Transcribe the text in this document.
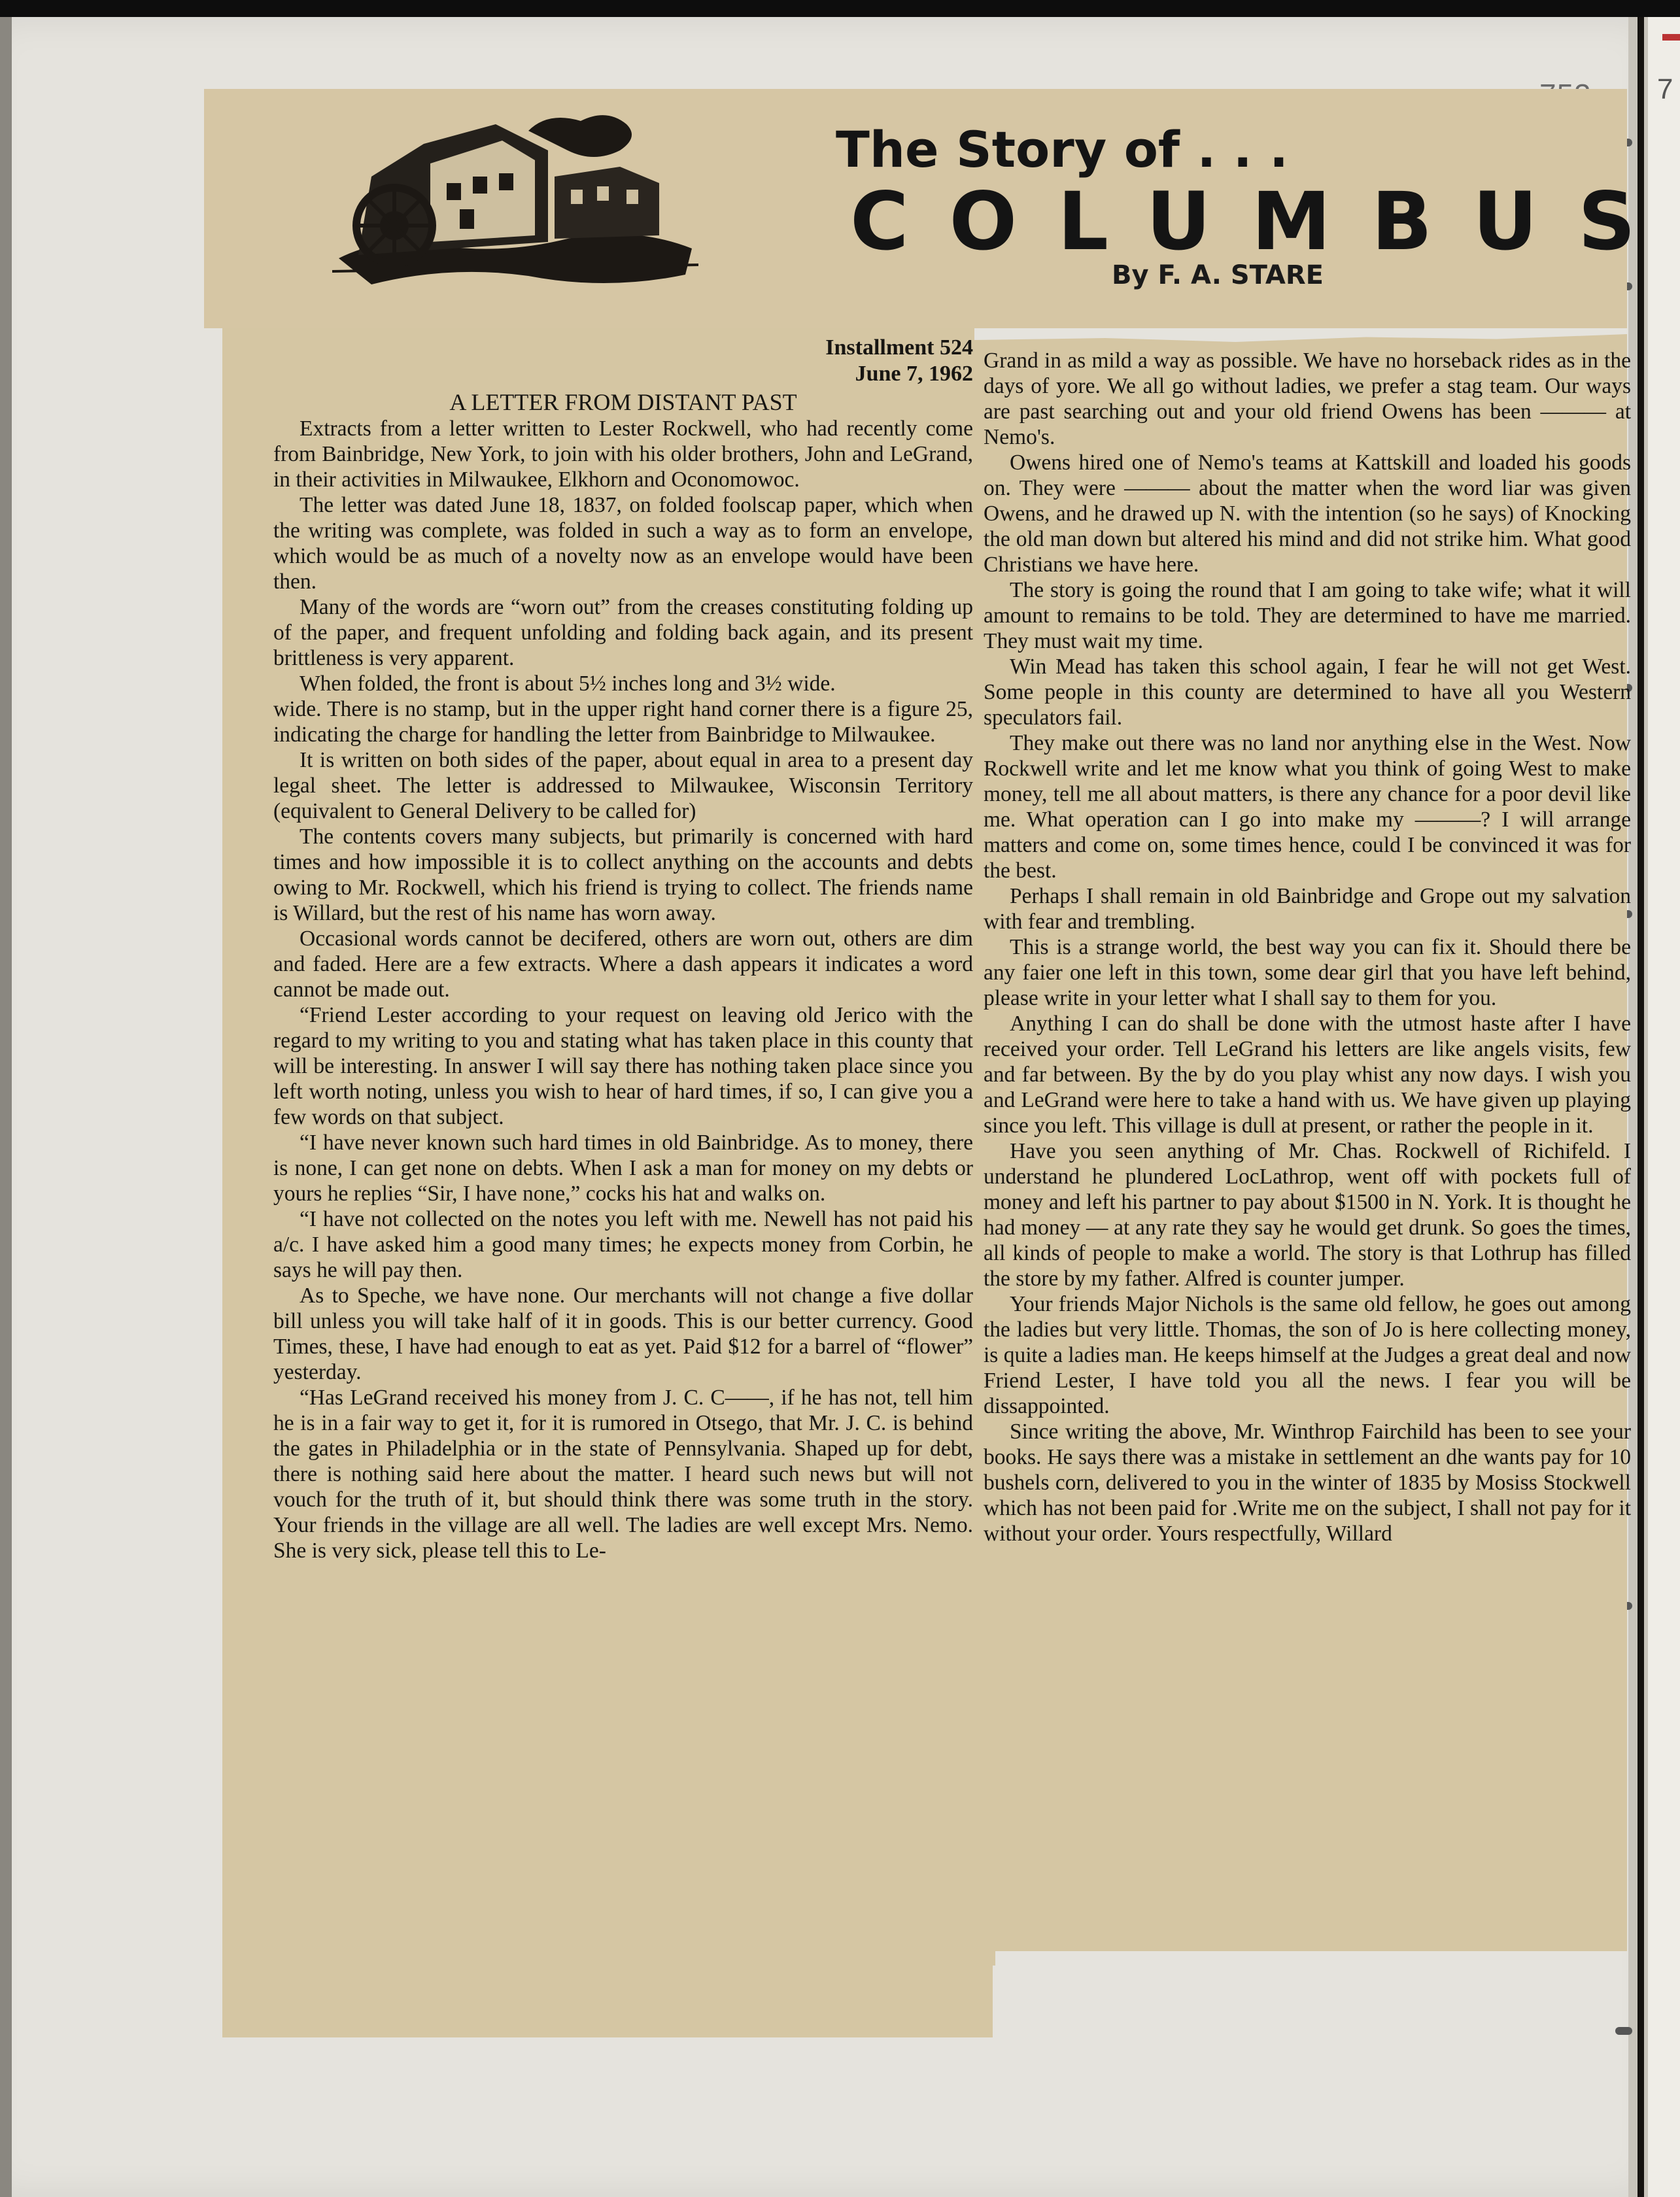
7
The Story of . . .
COLUMBUS
By F. A. STARE
Installment 524
June 7, 1962
A LETTER FROM DISTANT PAST

Extracts from a letter written to Lester Rockwell, who had recently come from Bainbridge, New York, to join with his older brothers, John and LeGrand, in their activities in Milwaukee, Elkhorn and Oconomowoc.

The letter was dated June 18, 1837, on folded foolscap paper, which when the writing was complete, was folded in such a way as to form an envelope, which would be as much of a novelty now as an envelope would have been then.

Many of the words are “worn out” from the creases constituting folding up of the paper, and frequent unfolding and folding back again, and its present brittleness is very apparent.

When folded, the front is about 5½ inches long and 3½ wide.

wide. There is no stamp, but in the upper right hand corner there is a figure 25, indicating the charge for handling the letter from Bainbridge to Milwaukee.

It is written on both sides of the paper, about equal in area to a present day legal sheet. The letter is addressed to Milwaukee, Wisconsin Territory (equivalent to General Delivery to be called for)

The contents covers many subjects, but primarily is concerned with hard times and how impossible it is to collect anything on the accounts and debts owing to Mr. Rockwell, which his friend is trying to collect. The friends name is Willard, but the rest of his name has worn away.

Occasional words cannot be decifered, others are worn out, others are dim and faded. Here are a few extracts. Where a dash appears it indicates a word cannot be made out.

“Friend Lester according to your request on leaving old Jerico with the regard to my writing to you and stating what has taken place in this county that will be interesting. In answer I will say there has nothing taken place since you left worth noting, unless you wish to hear of hard times, if so, I can give you a few words on that subject.

“I have never known such hard times in old Bainbridge. As to money, there is none, I can get none on debts. When I ask a man for money on my debts or yours he replies “Sir, I have none,” cocks his hat and walks on.

“I have not collected on the notes you left with me. Newell has not paid his a/c. I have asked him a good many times; he expects money from Corbin, he says he will pay then.

As to Speche, we have none. Our merchants will not change a five dollar bill unless you will take half of it in goods. This is our better currency. Good Times, these, I have had enough to eat as yet. Paid $12 for a barrel of “flower” yesterday.

“Has LeGrand received his money from J. C. C——, if he has not, tell him he is in a fair way to get it, for it is rumored in Otsego, that Mr. J. C. is behind the gates in Philadelphia or in the state of Pennsylvania. Shaped up for debt, there is nothing said here about the matter. I heard such news but will not vouch for the truth of it, but should think there was some truth in the story. Your friends in the village are all well. The ladies are well except Mrs. Nemo. She is very sick, please tell this to Le-

Grand in as mild a way as possible. We have no horseback rides as in the days of yore. We all go without ladies, we prefer a stag team. Our ways are past searching out and your old friend Owens has been ——— at Nemo's.

Owens hired one of Nemo's teams at Kattskill and loaded his goods on. They were ——— about the matter when the word liar was given Owens, and he drawed up N. with the intention (so he says) of Knocking the old man down but altered his mind and did not strike him. What good Christians we have here.

The story is going the round that I am going to take wife; what it will amount to remains to be told. They are determined to have me married. They must wait my time.

Win Mead has taken this school again, I fear he will not get West. Some people in this county are determined to have all you Western speculators fail.

They make out there was no land nor anything else in the West. Now Rockwell write and let me know what you think of going West to make money, tell me all about matters, is there any chance for a poor devil like me. What operation can I go into make my ———? I will arrange matters and come on, some times hence, could I be convinced it was for the best.

Perhaps I shall remain in old Bainbridge and Grope out my salvation with fear and trembling.

This is a strange world, the best way you can fix it. Should there be any faier one left in this town, some dear girl that you have left behind, please write in your letter what I shall say to them for you.

Anything I can do shall be done with the utmost haste after I have received your order. Tell LeGrand his letters are like angels visits, few and far between. By the by do you play whist any now days. I wish you and LeGrand were here to take a hand with us. We have given up playing since you left. This village is dull at present, or rather the people in it.

Have you seen anything of Mr. Chas. Rockwell of Richifeld. I understand he plundered LocLathrop, went off with pockets full of money and left his partner to pay about $1500 in N. York. It is thought he had money — at any rate they say he would get drunk. So goes the times, all kinds of people to make a world. The story is that Lothrup has filled the store by my father. Alfred is counter jumper.

Your friends Major Nichols is the same old fellow, he goes out among the ladies but very little. Thomas, the son of Jo is here collecting money, is quite a ladies man. He keeps himself at the Judges a great deal and now Friend Lester, I have told you all the news. I fear you will be dissappointed.

Since writing the above, Mr. Winthrop Fairchild has been to see your books. He says there was a mistake in settlement an dhe wants pay for 10 bushels corn, delivered to you in the winter of 1835 by Mosiss Stockwell which has not been paid for .Write me on the subject, I shall not pay for it without your order. Yours respectfully, Willard
